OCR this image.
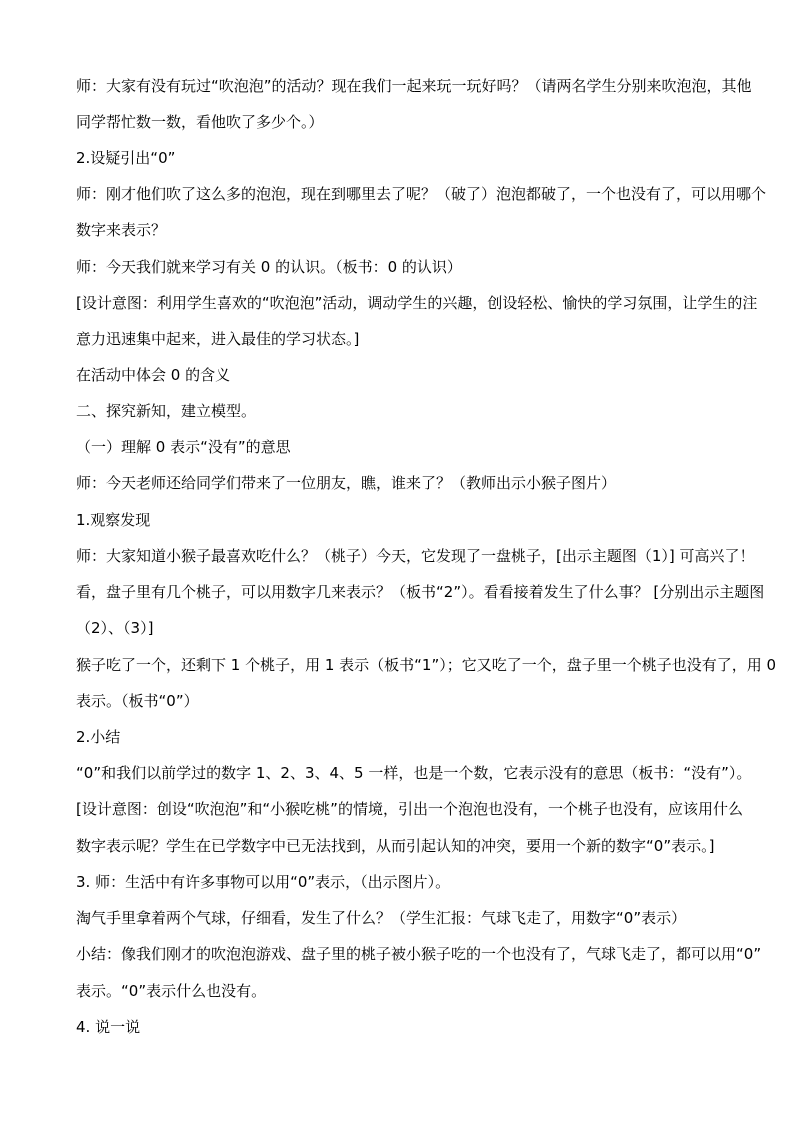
师：大家有没有玩过“吹泡泡”的活动？现在我们一起来玩一玩好吗？（请两名学生分别来吹泡泡，其他
同学帮忙数一数，看他吹了多少个。）
2.设疑引出“0”
师：刚才他们吹了这么多的泡泡，现在到哪里去了呢？（破了）泡泡都破了，一个也没有了，可以用哪个
数字来表示？
师：今天我们就来学习有关 0 的认识。（板书：0 的认识）
[设计意图：利用学生喜欢的“吹泡泡”活动，调动学生的兴趣，创设轻松、愉快的学习氛围，让学生的注
意力迅速集中起来，进入最佳的学习状态。]
在活动中体会 0 的含义
二、探究新知，建立模型。
（一）理解 0 表示“没有”的意思
师：今天老师还给同学们带来了一位朋友，瞧，谁来了？（教师出示小猴子图片）
1.观察发现
师：大家知道小猴子最喜欢吃什么？（桃子）今天，它发现了一盘桃子，[出示主题图（1）] 可高兴了！
看，盘子里有几个桃子，可以用数字几来表示？（板书“2”）。看看接着发生了什么事？ [分别出示主题图
（2）、（3）]
猴子吃了一个，还剩下 1 个桃子，用 1 表示（板书“1”）；它又吃了一个，盘子里一个桃子也没有了，用 0
表示。（板书“0”）
2.小结
“0”和我们以前学过的数字 1、2、3、4、5 一样，也是一个数，它表示没有的意思（板书：“没有”）。
[设计意图：创设“吹泡泡”和“小猴吃桃”的情境，引出一个泡泡也没有，一个桃子也没有，应该用什么
数字表示呢？学生在已学数字中已无法找到，从而引起认知的冲突，要用一个新的数字“0”表示。]
3. 师：生活中有许多事物可以用“0”表示，（出示图片）。
淘气手里拿着两个气球，仔细看，发生了什么？（学生汇报：气球飞走了，用数字“0”表示）
小结：像我们刚才的吹泡泡游戏、盘子里的桃子被小猴子吃的一个也没有了，气球飞走了，都可以用“0”
表示。“0”表示什么也没有。
4. 说一说
